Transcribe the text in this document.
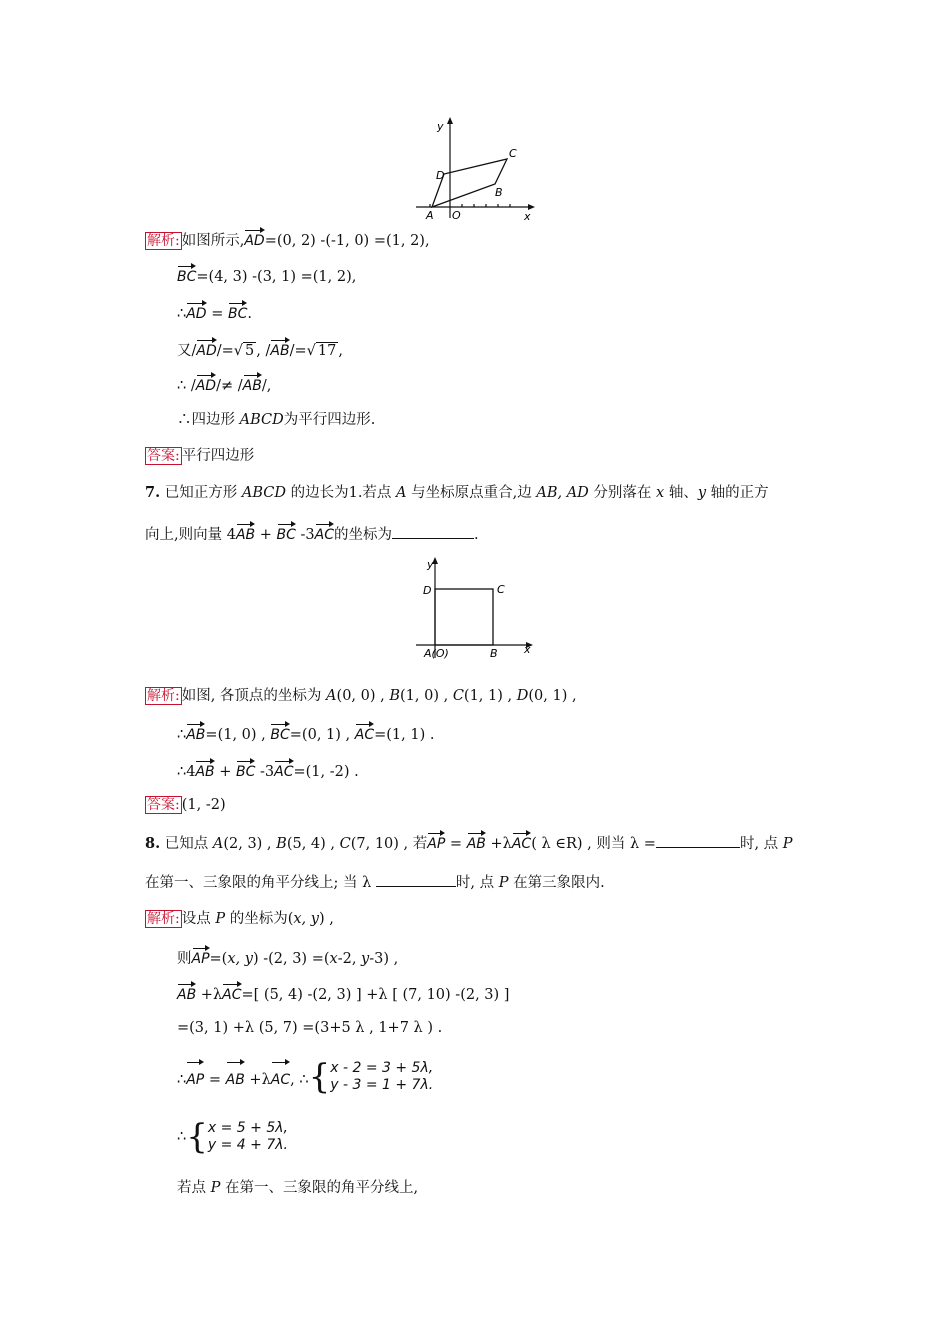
y
x
A O
B
C
D
解析: 如图所示,AD=(0, 2) -(-1, 0) =(1, 2),
BC=(4, 3) -(3, 1) =(1, 2),
∴AD = BC.
又/AD/=√ 5 , /AB/=√ 17 ,
∴ /AD/≠ /AB/,
∴四边形 ABCD为平行四边形.
答案: 平行四边形
7. 已知正方形 ABCD 的边长为1.若点 A 与坐标原点重合,边 AB, AD 分别落在 x 轴、y 轴的正方
向上,则向量 4AB + BC -3AC的坐标为	.
y
x
D	C
A(O)	B
解析: 如图, 各顶点的坐标为 A(0, 0) , B(1, 0) , C(1, 1) , D(0, 1) ,
∴AB=(1, 0) , BC=(0, 1) , AC=(1, 1) .
∴4AB + BC -3AC=(1, -2) .
答案: (1, -2)
8. 已知点 A(2, 3) , B(5, 4) , C(7, 10) , 若AP = AB +λAC( λ ∈R) , 则当 λ =	时, 点 P
在第一、三象限的角平分线上; 当 λ	时, 点 P 在第三象限内.
解析: 设点 P 的坐标为(x, y) ,
则AP=(x, y) -(2, 3) =(x-2, y-3) ,
AB +λAC=[ (5, 4) -(2, 3) ] +λ [ (7, 10) -(2, 3) ]
=(3, 1) +λ (5, 7) =(3+5 λ , 1+7 λ ) .
∴AP = AB +λAC, ∴{x - 2 = 3 + 5λ,
y - 3 = 1 + 7λ.
∴{x = 5 + 5λ,
y = 4 + 7λ.
若点 P 在第一、三象限的角平分线上,
